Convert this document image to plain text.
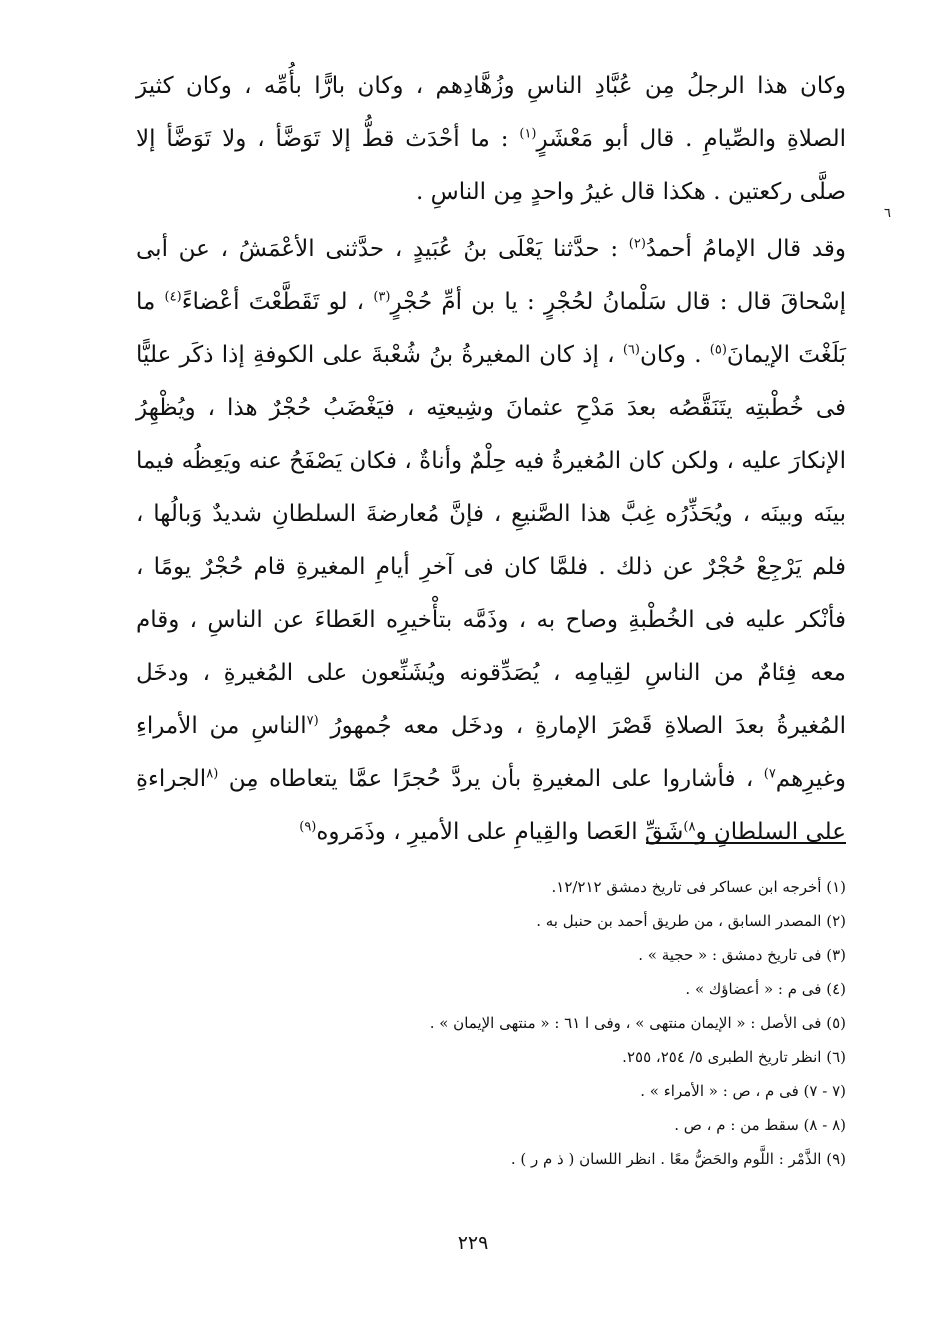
٦

وكان هذا الرجلُ مِن عُبَّادِ الناسِ وزُهَّادِهم ، وكان بارًّا بأُمِّه ، وكان كثيرَ الصلاةِ والصِّيامِ . قال أبو مَعْشَرٍ$^{(١)}$ : ما أحْدَث قطُّ إلا تَوَضَّأ ، ولا تَوَضَّأ إلا صلَّى ركعتين . هكذا قال غيرُ واحدٍ مِن الناسِ .

وقد قال الإمامُ أحمدُ$^{(٢)}$ : حدَّثنا يَعْلَى بنُ عُبَيدٍ ، حدَّثنى الأعْمَشُ ، عن أبى إسْحاقَ قال : قال سَلْمانُ لحُجْرٍ : يا بن أمِّ حُجْرٍ$^{(٣)}$ ، لو تَقَطَّعْتَ أعْضاءً$^{(٤)}$ ما بَلَغْتَ الإيمانَ$^{(٥)}$ . وكان$^{(٦)}$ ، إذ كان المغيرةُ بنُ شُعْبةَ على الكوفةِ إذا ذكَر عليًّا فى خُطْبتِه يتَنَقَّصُه بعدَ مَدْحِ عثمانَ وشِيعتِه ، فيَغْضَبُ حُجْرٌ هذا ، ويُظْهِرُ الإنكارَ عليه ، ولكن كان المُغيرةُ فيه حِلْمٌ وأناةٌ ، فكان يَصْفَحُ عنه ويَعِظُه فيما بينَه وبينَه ، ويُحَذِّرُه غِبَّ هذا الصَّنيعِ ، فإنَّ مُعارضةَ السلطانِ شديدٌ وَبالُها ، فلم يَرْجِعْ حُجْرٌ عن ذلك . فلمَّا كان فى آخرِ أيامِ المغيرةِ قام حُجْرٌ يومًا ، فأنْكر عليه فى الخُطْبةِ وصاح به ، وذَمَّه بتأْخيرِه العَطاءَ عن الناسِ ، وقام معه فِئامٌ من الناسِ لقِيامِه ، يُصَدِّقونه ويُشَنِّعون على المُغيرةِ ، ودخَل المُغيرةُ بعدَ الصلاةِ قَصْرَ الإمارةِ ، ودخَل معه جُمهورُ $^{(٧}$الناسِ من الأمراءِ وغيرِهم$^{٧)}$ ، فأشاروا على المغيرةِ بأن يردَّ حُجرًا عمَّا يتعاطاه مِن $^{(٨}$الجراءةِ على السلطانِ و$^{٨)}$شَقِّ العَصا والقِيامِ على الأميرِ ، وذَمَروه$^{(٩)}$

(١) أخرجه ابن عساكر فى تاريخ دمشق ١٢/٢١٢.
(٢) المصدر السابق ، من طريق أحمد بن حنبل به .
(٣) فى تاريخ دمشق : « حجية » .
(٤) فى م : « أعضاؤك » .
(٥) فى الأصل : « الإيمان منتهى » ، وفى ا ٦١ : « منتهى الإيمان » .
(٦) انظر تاريخ الطبرى ٥/ ٢٥٤، ٢٥٥.
(٧ - ٧) فى م ، ص : « الأمراء » .
(٨ - ٨) سقط من : م ، ص .
(٩) الذَّمْر : اللَّوم والحَضُّ معًا . انظر اللسان ( ذ م ر ) .
٢٢٩
